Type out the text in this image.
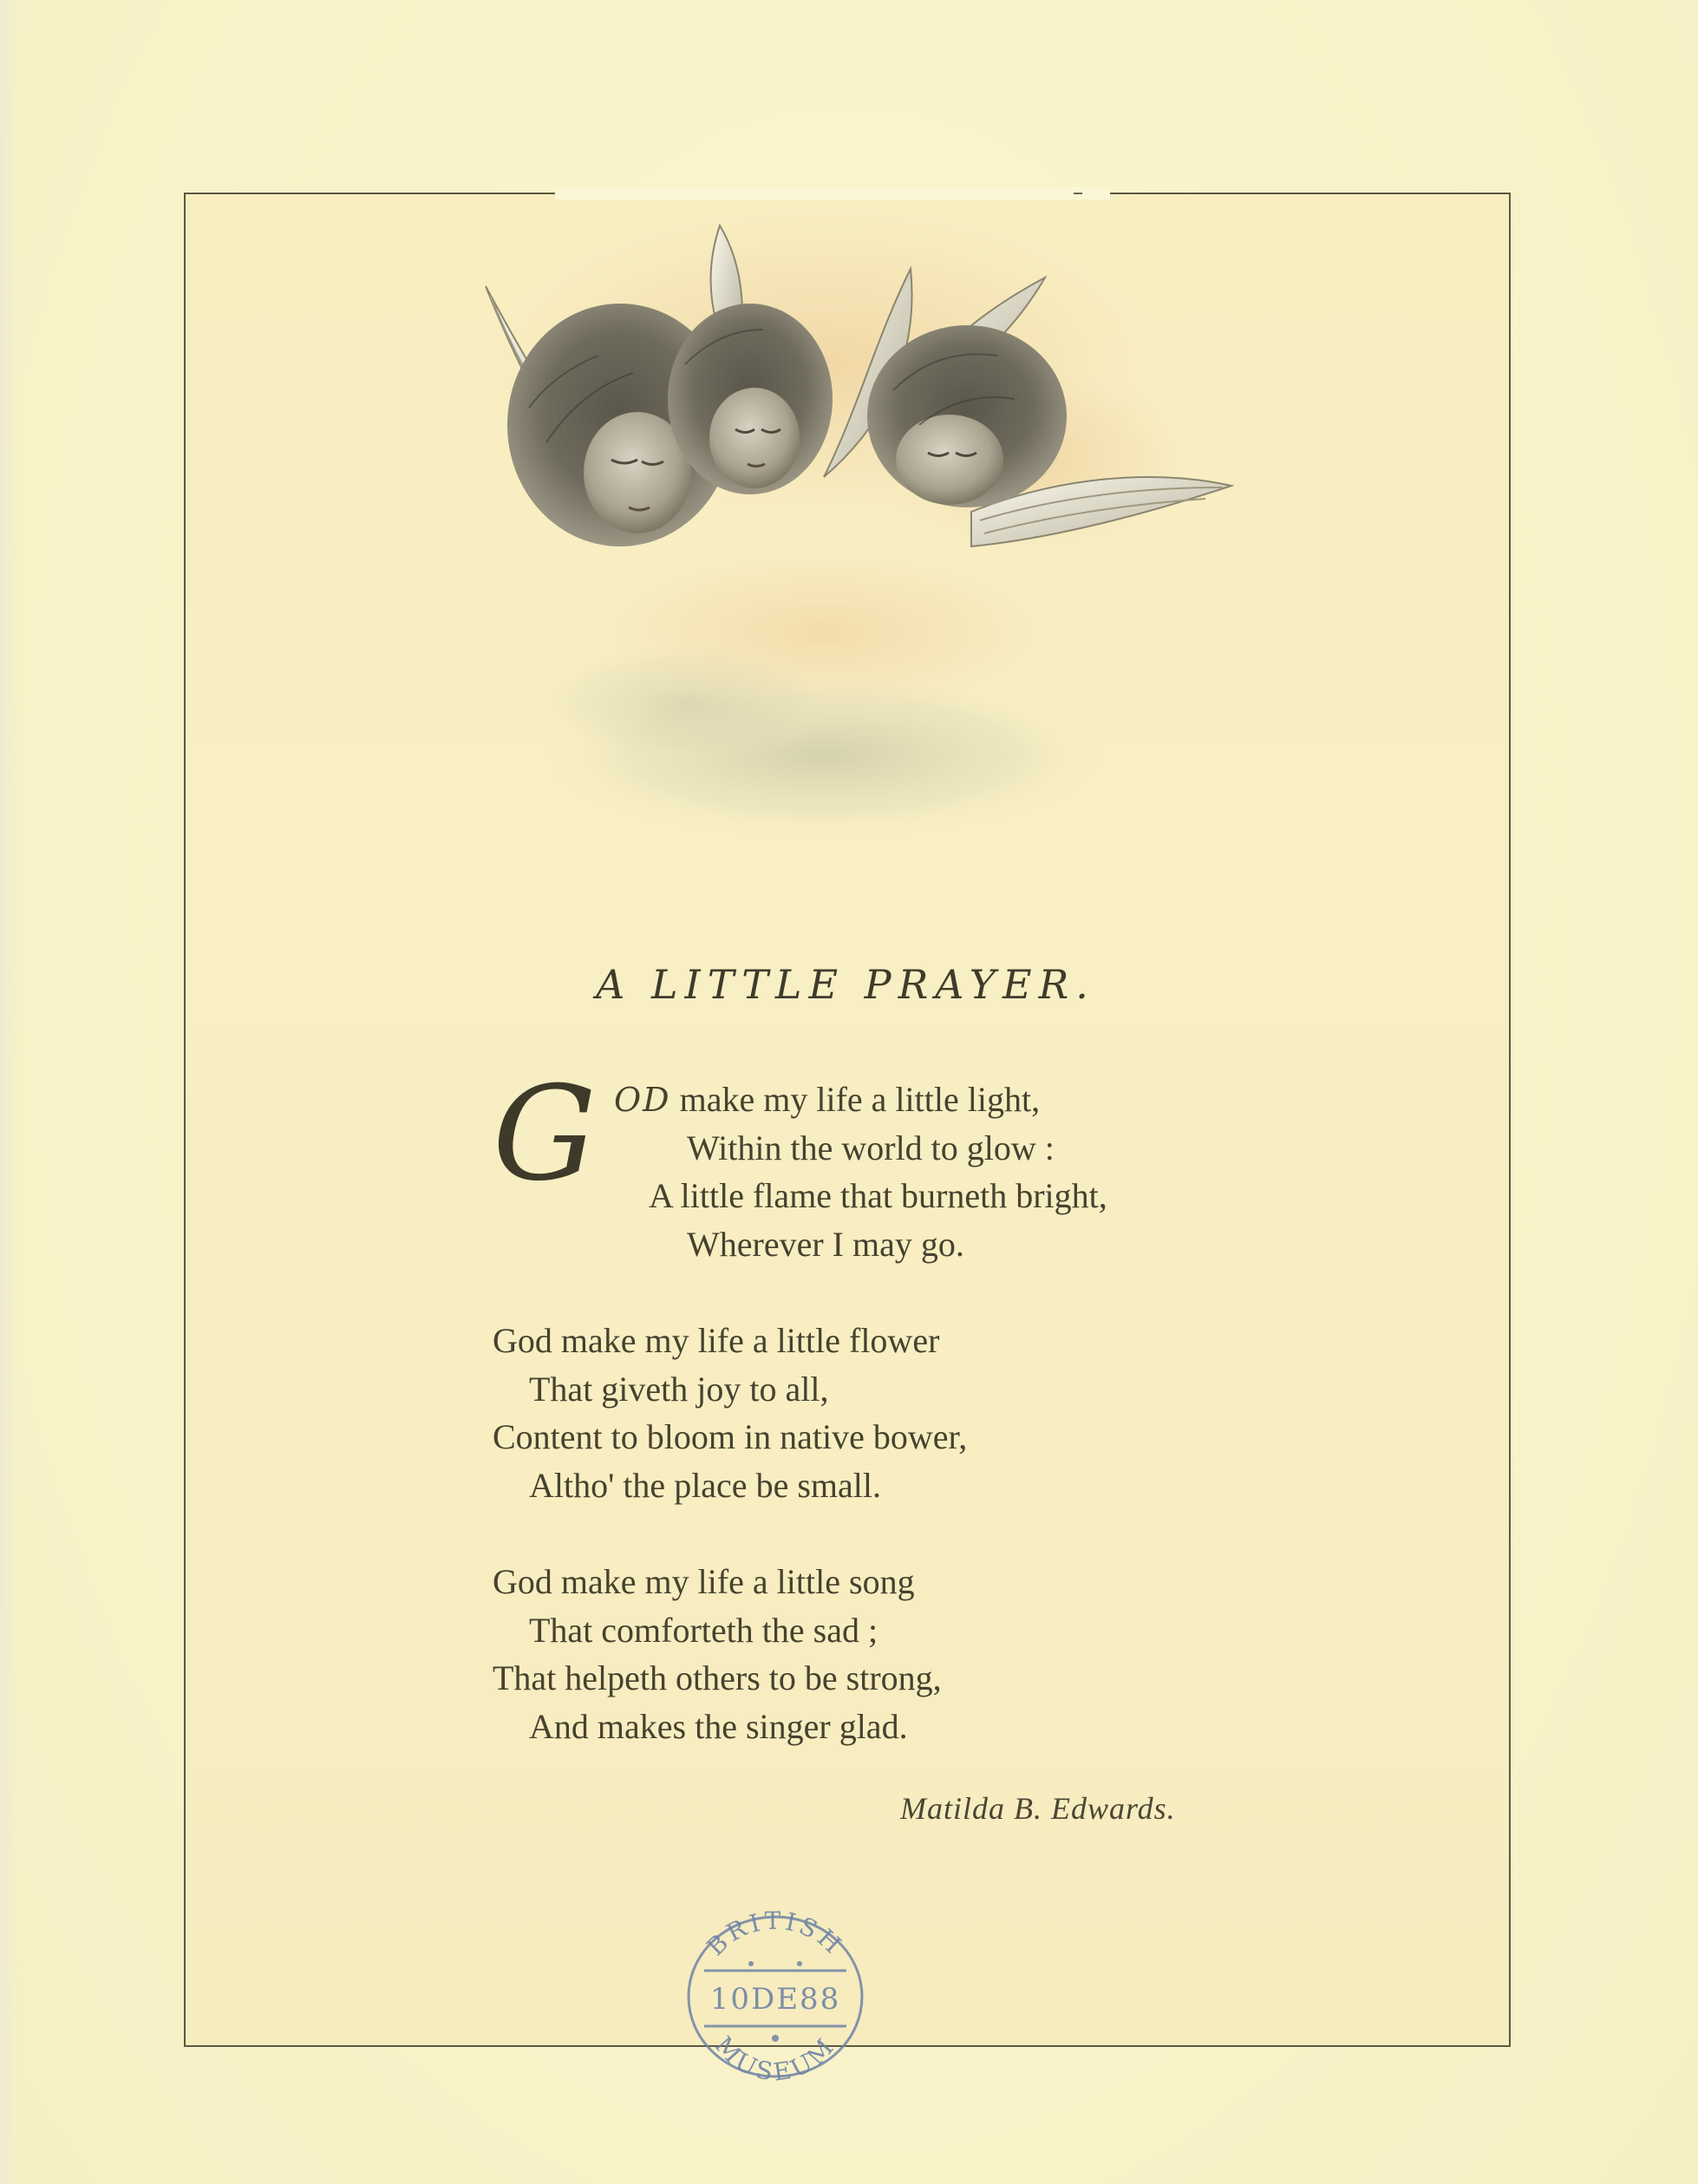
A LITTLE PRAYER.
G OD make my life a little light,
Within the world to glow :
A little flame that burneth bright,
Wherever I may go.
God make my life a little flower
That giveth joy to all,
Content to bloom in native bower,
Altho' the place be small.
God make my life a little song
That comforteth the sad ;
That helpeth others to be strong,
And makes the singer glad.
Matilda B. Edwards.
BRITISH
10DE88
MUSEUM
